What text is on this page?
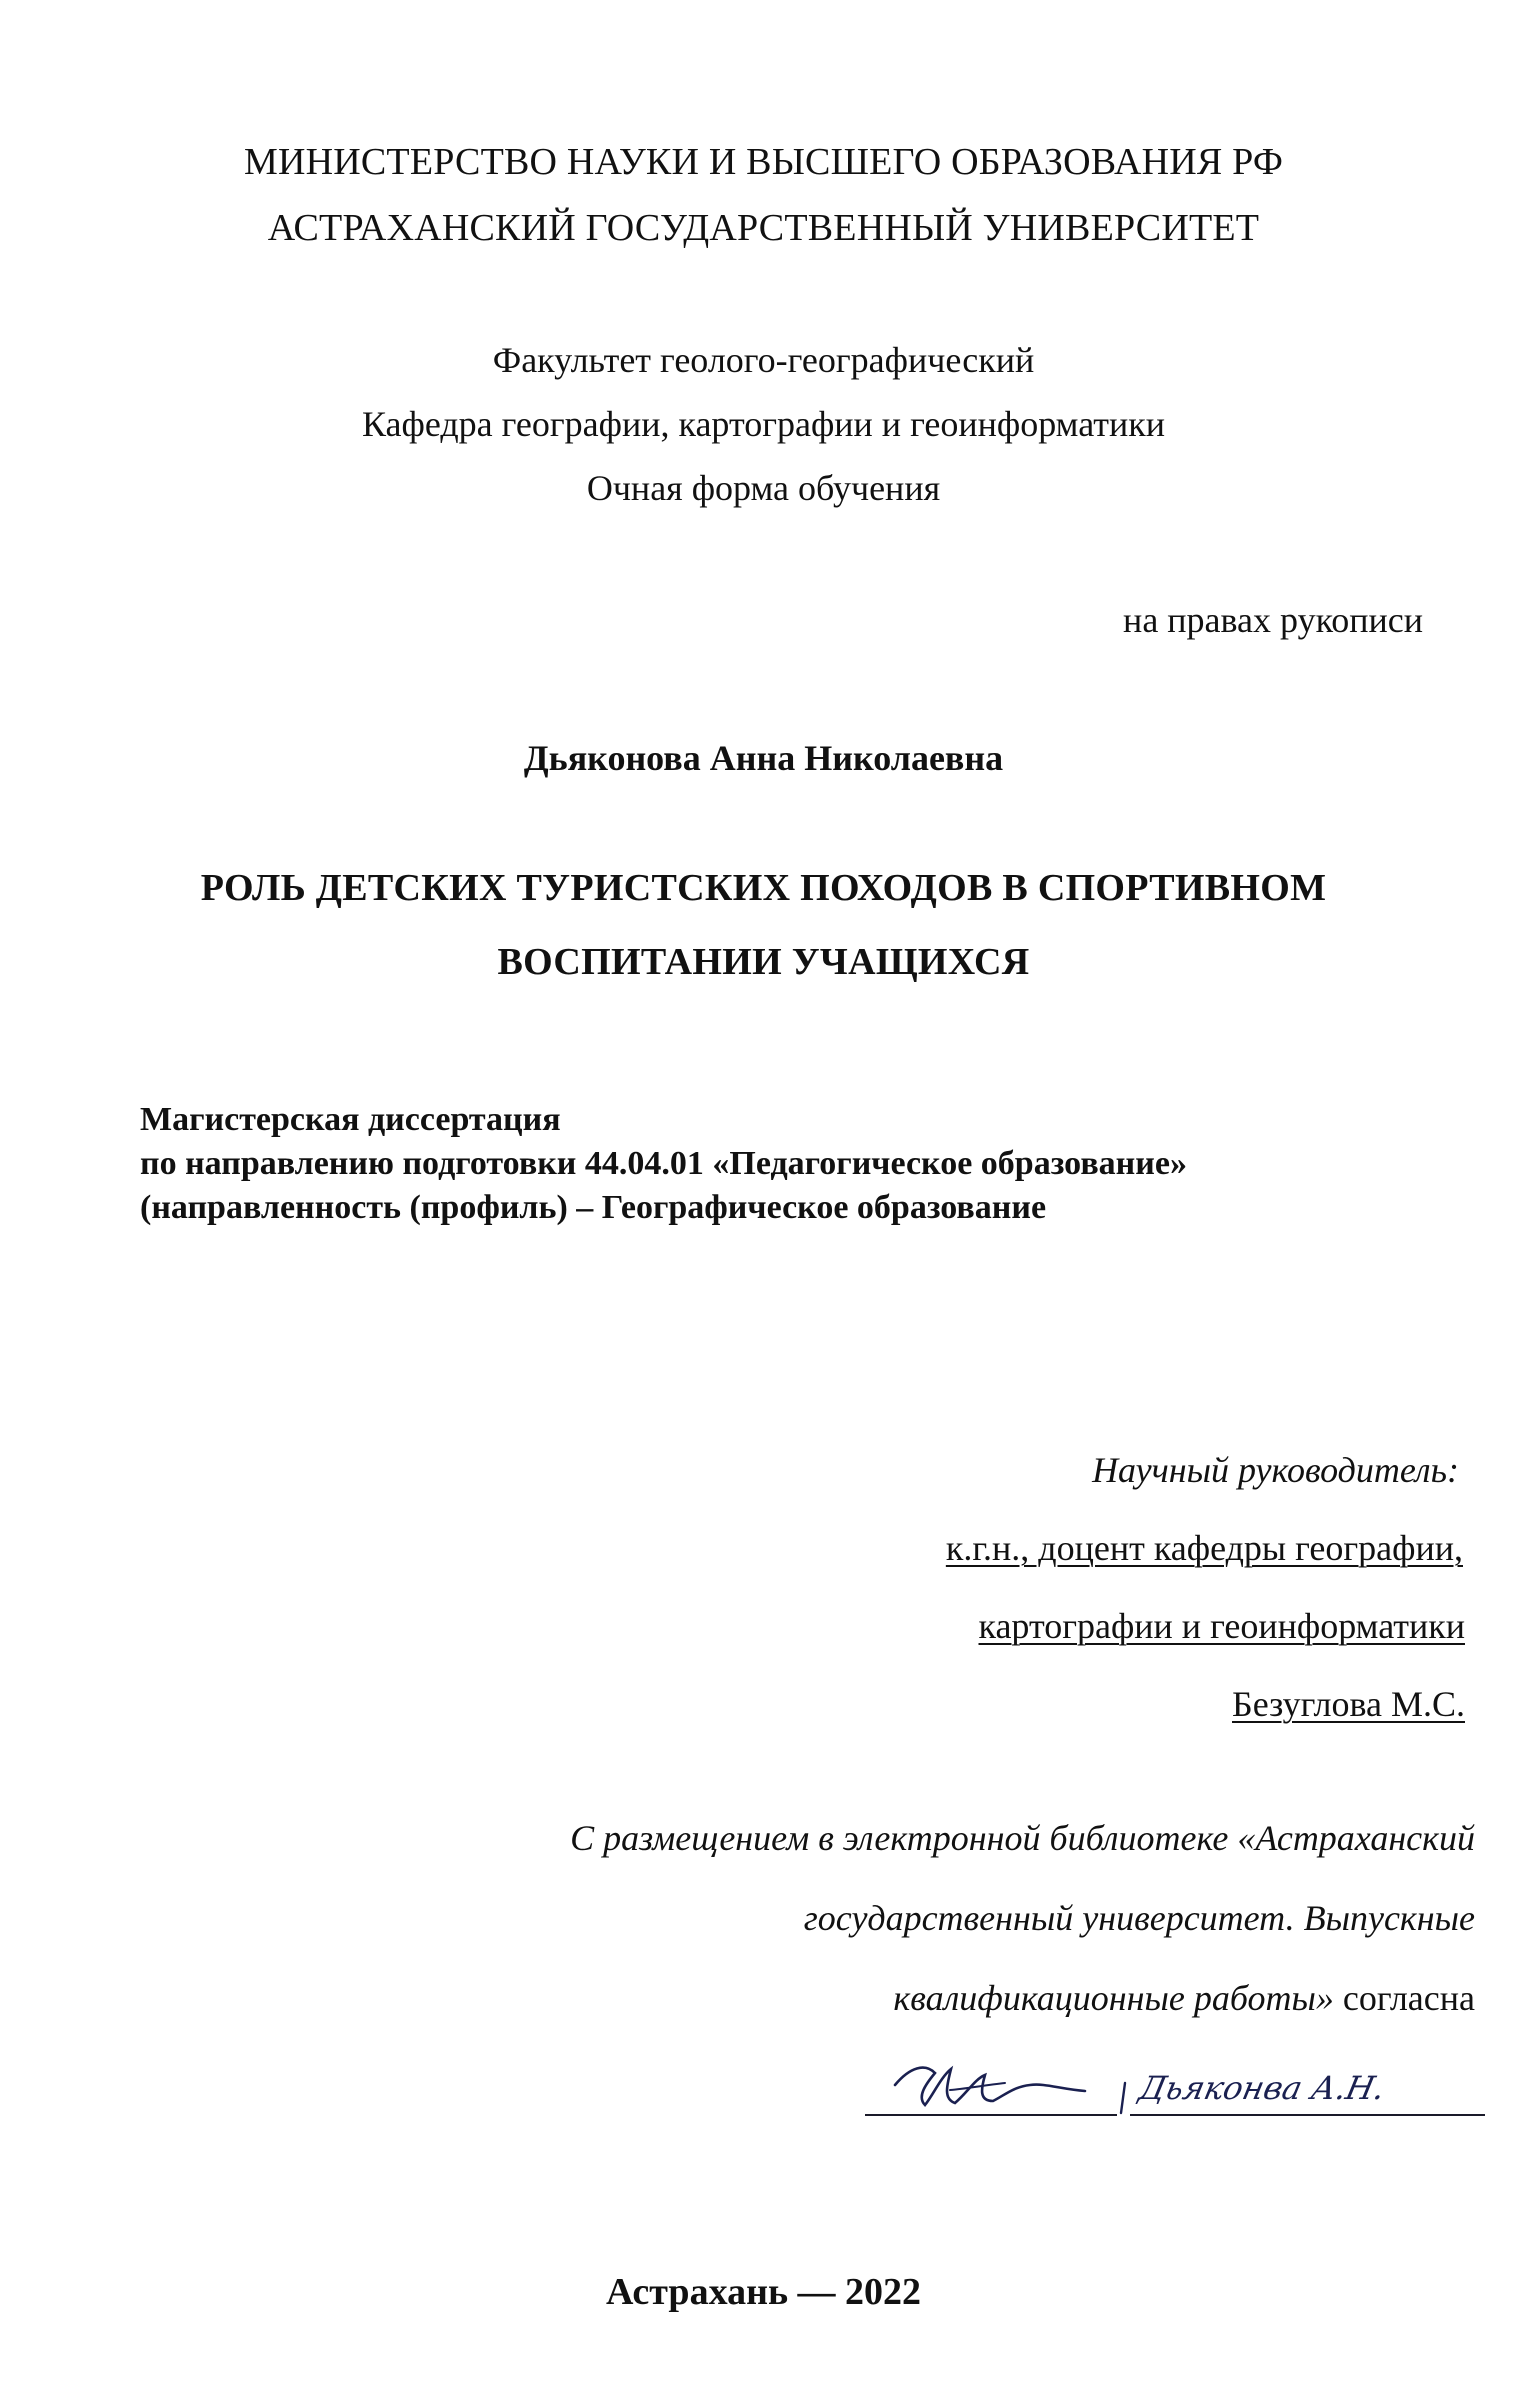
МИНИСТЕРСТВО НАУКИ И ВЫСШЕГО ОБРАЗОВАНИЯ РФ
АСТРАХАНСКИЙ ГОСУДАРСТВЕННЫЙ УНИВЕРСИТЕТ
Факультет геолого-географический
Кафедра географии, картографии и геоинформатики
Очная форма обучения
на правах рукописи
Дьяконова Анна Николаевна
РОЛЬ ДЕТСКИХ ТУРИСТСКИХ ПОХОДОВ В СПОРТИВНОМ
ВОСПИТАНИИ УЧАЩИХСЯ
Магистерская диссертация
по направлению подготовки 44.04.01 «Педагогическое образование»
(направленность (профиль) – Географическое образование
Научный руководитель:
к.г.н., доцент кафедры географии,
картографии и геоинформатики
Безуглова М.С.
С размещением в электронной библиотеке «Астраханский
государственный университет. Выпускные
квалификационные работы» согласна
Дьяконва А.Н.
Астрахань — 2022
